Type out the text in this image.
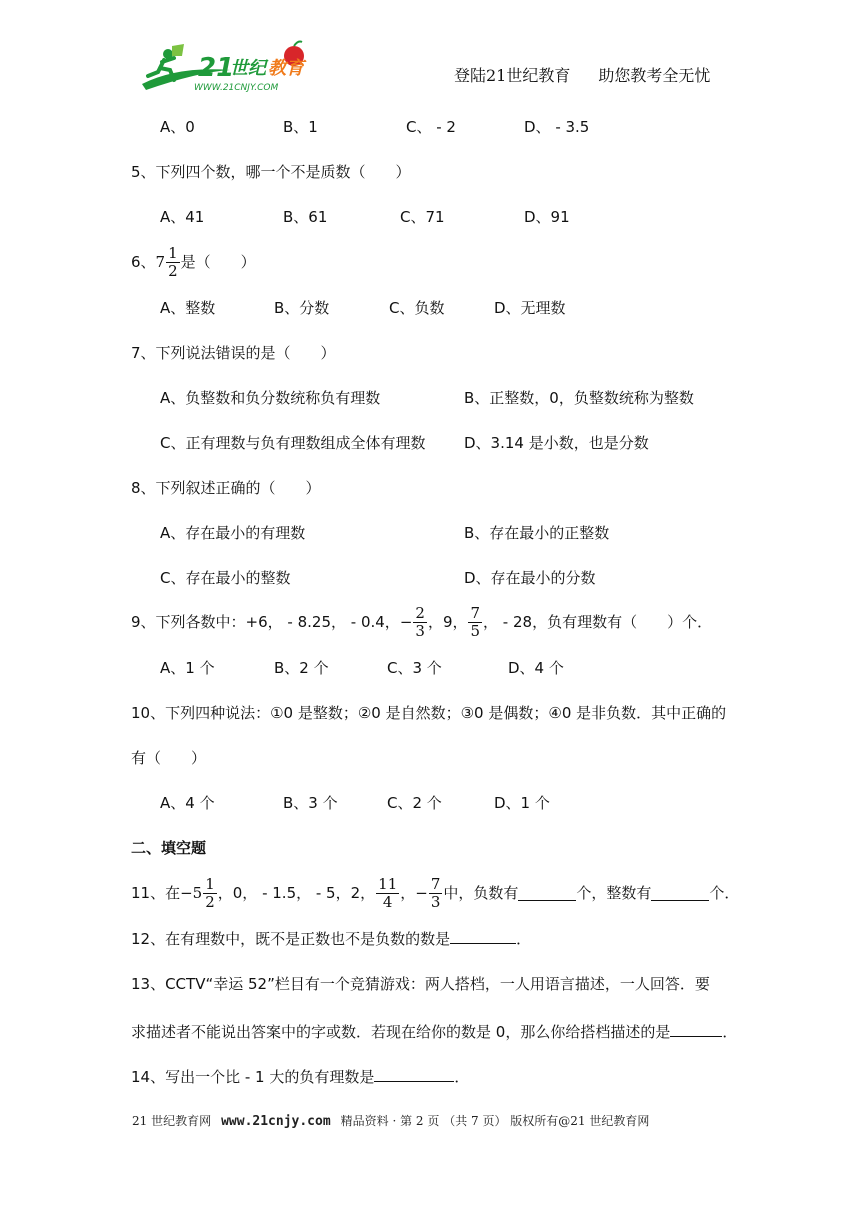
21
世纪 教育
WWW.21CNJY.COM
登陆21世纪教育 助您教考全无忧
A、0	B、1	C、 - 2	D、 - 3.5
5、下列四个数，哪一个不是质数（　　）
A、41	B、61	C、71	D、91
6、 $7 \frac{1}{2}$ 是（　　）
A、整数	B、分数	C、负数	D、无理数
7、下列说法错误的是（　　）
A、负整数和负分数统称负有理数	B、正整数，0，负整数统称为整数
C、正有理数与负有理数组成全体有理数	D、3.14 是小数，也是分数
8、下列叙述正确的（　　）
A、存在最小的有理数	B、存在最小的正整数
C、存在最小的整数	D、存在最小的分数
9、下列各数中：+6， - 8.25， - 0.4， − $\frac{2}{3}$ ，9， $\frac{7}{5}$ ， - 28，负有理数有（　　）个．
A、1 个	B、2 个	C、3 个	D、4 个
10、下列四种说法：①0 是整数；②0 是自然数；③0 是偶数；④0 是非负数．其中正确的
有（　　）
A、4 个	B、3 个	C、2 个	D、1 个
二、填空题
11、在 $-5 \frac{1}{2}$ ，0， - 1.5， - 5，2， $\frac{11}{4}$ ， − $\frac{7}{3}$ 中，负数有	个，整数有	个．
12、在有理数中，既不是正数也不是负数的数是	．
13、CCTV“幸运 52”栏目有一个竞猜游戏：两人搭档，一人用语言描述，一人回答．要
求描述者不能说出答案中的字或数．若现在给你的数是 0，那么你给搭档描述的是	．
14、写出一个比 - 1 大的负有理数是	．
21 世纪教育网 www.21cnjy.com 精品资料 · 第 2 页 （共 7 页） 版权所有@21 世纪教育网
